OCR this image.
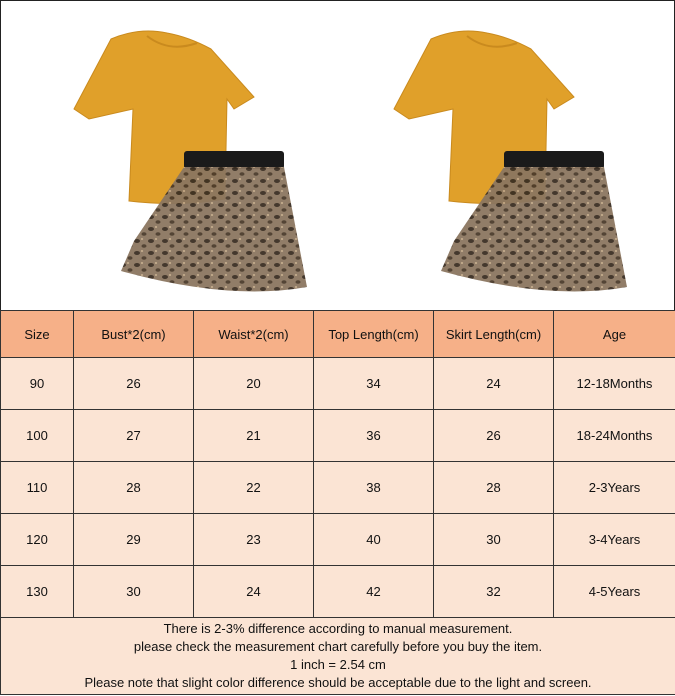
Size	Bust*2(cm)	Waist*2(cm)	Top Length(cm)	Skirt Length(cm)	Age
90	26	20	34	24	12-18Months
100	27	21	36	26	18-24Months
110	28	22	38	28	2-3Years
120	29	23	40	30	3-4Years
130	30	24	42	32	4-5Years

There is 2-3% difference according to manual measurement.
please check the measurement chart carefully before you buy the item.
1 inch = 2.54 cm
Please note that slight color difference should be acceptable due to the light and screen.					
